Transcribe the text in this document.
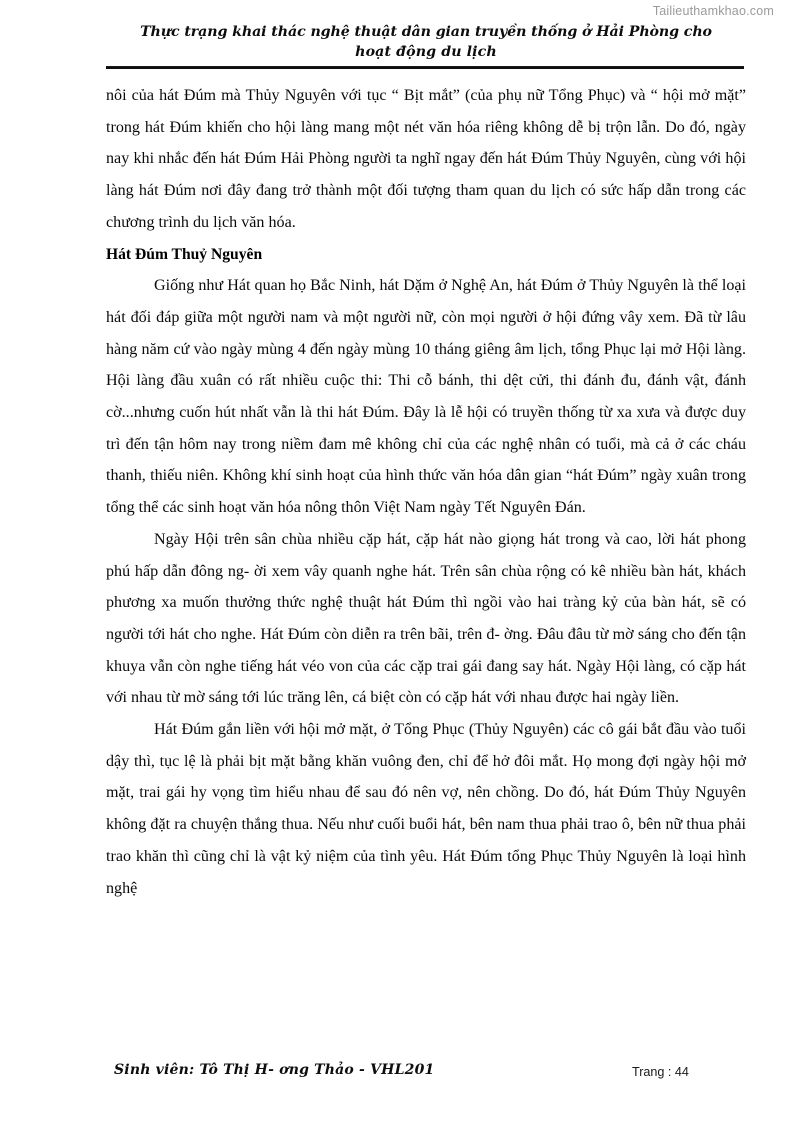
Tailieuthamkhao.com
Thực trạng khai thác nghệ thuật dân gian truyền thống ở Hải Phòng cho
hoạt động du lịch

nôi của hát Đúm mà Thủy Nguyên với tục “ Bịt mắt” (của phụ nữ Tổng Phục) và “ hội mở mặt” trong hát Đúm khiến cho hội làng mang một nét văn hóa riêng không dễ bị trộn lẫn. Do đó, ngày nay khi nhắc đến hát Đúm Hải Phòng người ta nghĩ ngay đến hát Đúm Thủy Nguyên, cùng với hội làng hát Đúm nơi đây đang trở thành một đối tượng tham quan du lịch có sức hấp dẫn trong các chương trình du lịch văn hóa.

Hát Đúm Thuỷ Nguyên

Giống như Hát quan họ Bắc Ninh, hát Dặm ở Nghệ An, hát Đúm ở Thủy Nguyên là thể loại hát đối đáp giữa một người nam và một người nữ, còn mọi người ở hội đứng vây xem. Đã từ lâu hàng năm cứ vào ngày mùng 4 đến ngày mùng 10 tháng giêng âm lịch, tổng Phục lại mở Hội làng. Hội làng đầu xuân có rất nhiều cuộc thi: Thi cỗ bánh, thi dệt cửi, thi đánh đu, đánh vật, đánh cờ...nhưng cuốn hút nhất vẫn là thi hát Đúm. Đây là lễ hội có truyền thống từ xa xưa và được duy trì đến tận hôm nay trong niềm đam mê không chỉ của các nghệ nhân có tuổi, mà cả ở các cháu thanh, thiếu niên. Không khí sinh hoạt của hình thức văn hóa dân gian “hát Đúm” ngày xuân trong tổng thể các sinh hoạt văn hóa nông thôn Việt Nam ngày Tết Nguyên Đán.

Ngày Hội trên sân chùa nhiều cặp hát, cặp hát nào giọng hát trong và cao, lời hát phong phú hấp dẫn đông ng- ời xem vây quanh nghe hát. Trên sân chùa rộng có kê nhiều bàn hát, khách phương xa muốn thưởng thức nghệ thuật hát Đúm thì ngồi vào hai tràng kỷ của bàn hát, sẽ có người tới hát cho nghe. Hát Đúm còn diễn ra trên bãi, trên đ- ờng. Đâu đâu từ mờ sáng cho đến tận khuya vẫn còn nghe tiếng hát véo von của các cặp trai gái đang say hát. Ngày Hội làng, có cặp hát với nhau từ mờ sáng tới lúc trăng lên, cá biệt còn có cặp hát với nhau được hai ngày liền.

Hát Đúm gắn liền với hội mở mặt, ở Tổng Phục (Thủy Nguyên) các cô gái bắt đầu vào tuổi dậy thì, tục lệ là phải bịt mặt bằng khăn vuông đen, chỉ để hở đôi mắt. Họ mong đợi ngày hội mở mặt, trai gái hy vọng tìm hiểu nhau để sau đó nên vợ, nên chồng. Do đó, hát Đúm Thủy Nguyên không đặt ra chuyện thắng thua. Nếu như cuối buổi hát, bên nam thua phải trao ô, bên nữ thua phải trao khăn thì cũng chỉ là vật kỷ niệm của tình yêu. Hát Đúm tổng Phục Thủy Nguyên là loại hình nghệ

Sinh viên: Tô Thị H- ơng Thảo - VHL201	Trang : 44
